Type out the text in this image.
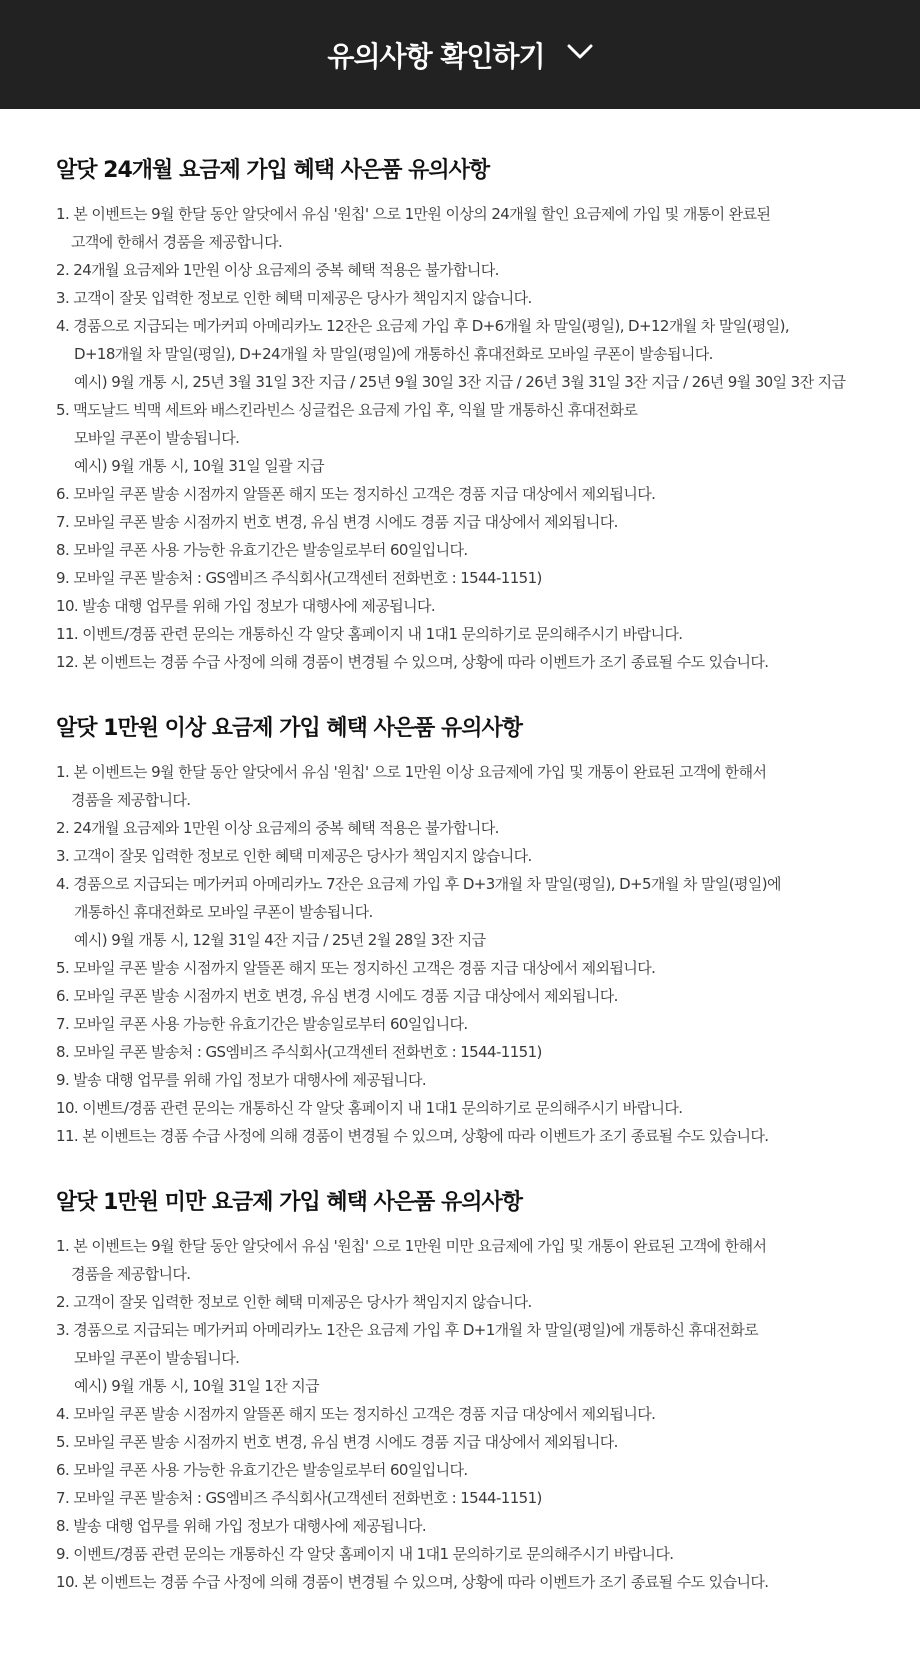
유의사항 확인하기
알닷 24개월 요금제 가입 혜택 사은품 유의사항
1. 본 이벤트는 9월 한달 동안 알닷에서 유심 '원칩' 으로 1만원 이상의 24개월 할인 요금제에 가입 및 개통이 완료된
고객에 한해서 경품을 제공합니다.
2. 24개월 요금제와 1만원 이상 요금제의 중복 혜택 적용은 불가합니다.
3. 고객이 잘못 입력한 정보로 인한 혜택 미제공은 당사가 책임지지 않습니다.
4. 경품으로 지급되는 메가커피 아메리카노 12잔은 요금제 가입 후 D+6개월 차 말일(평일), D+12개월 차 말일(평일),
D+18개월 차 말일(평일), D+24개월 차 말일(평일)에 개통하신 휴대전화로 모바일 쿠폰이 발송됩니다.
예시) 9월 개통 시, 25년 3월 31일 3잔 지급 / 25년 9월 30일 3잔 지급 / 26년 3월 31일 3잔 지급 / 26년 9월 30일 3잔 지급
5. 맥도날드 빅맥 세트와 배스킨라빈스 싱글컵은 요금제 가입 후, 익월 말 개통하신 휴대전화로
모바일 쿠폰이 발송됩니다.
예시) 9월 개통 시, 10월 31일 일괄 지급
6. 모바일 쿠폰 발송 시점까지 알뜰폰 해지 또는 정지하신 고객은 경품 지급 대상에서 제외됩니다.
7. 모바일 쿠폰 발송 시점까지 번호 변경, 유심 변경 시에도 경품 지급 대상에서 제외됩니다.
8. 모바일 쿠폰 사용 가능한 유효기간은 발송일로부터 60일입니다.
9. 모바일 쿠폰 발송처 : GS엠비즈 주식회사(고객센터 전화번호 : 1544-1151)
10. 발송 대행 업무를 위해 가입 정보가 대행사에 제공됩니다.
11. 이벤트/경품 관련 문의는 개통하신 각 알닷 홈페이지 내 1대1 문의하기로 문의해주시기 바랍니다.
12. 본 이벤트는 경품 수급 사정에 의해 경품이 변경될 수 있으며, 상황에 따라 이벤트가 조기 종료될 수도 있습니다.
알닷 1만원 이상 요금제 가입 혜택 사은품 유의사항
1. 본 이벤트는 9월 한달 동안 알닷에서 유심 '원칩' 으로 1만원 이상 요금제에 가입 및 개통이 완료된 고객에 한해서
경품을 제공합니다.
2. 24개월 요금제와 1만원 이상 요금제의 중복 혜택 적용은 불가합니다.
3. 고객이 잘못 입력한 정보로 인한 혜택 미제공은 당사가 책임지지 않습니다.
4. 경품으로 지급되는 메가커피 아메리카노 7잔은 요금제 가입 후 D+3개월 차 말일(평일), D+5개월 차 말일(평일)에
개통하신 휴대전화로 모바일 쿠폰이 발송됩니다.
예시) 9월 개통 시, 12월 31일 4잔 지급 / 25년 2월 28일 3잔 지급
5. 모바일 쿠폰 발송 시점까지 알뜰폰 해지 또는 정지하신 고객은 경품 지급 대상에서 제외됩니다.
6. 모바일 쿠폰 발송 시점까지 번호 변경, 유심 변경 시에도 경품 지급 대상에서 제외됩니다.
7. 모바일 쿠폰 사용 가능한 유효기간은 발송일로부터 60일입니다.
8. 모바일 쿠폰 발송처 : GS엠비즈 주식회사(고객센터 전화번호 : 1544-1151)
9. 발송 대행 업무를 위해 가입 정보가 대행사에 제공됩니다.
10. 이벤트/경품 관련 문의는 개통하신 각 알닷 홈페이지 내 1대1 문의하기로 문의해주시기 바랍니다.
11. 본 이벤트는 경품 수급 사정에 의해 경품이 변경될 수 있으며, 상황에 따라 이벤트가 조기 종료될 수도 있습니다.
알닷 1만원 미만 요금제 가입 혜택 사은품 유의사항
1. 본 이벤트는 9월 한달 동안 알닷에서 유심 '원칩' 으로 1만원 미만 요금제에 가입 및 개통이 완료된 고객에 한해서
경품을 제공합니다.
2. 고객이 잘못 입력한 정보로 인한 혜택 미제공은 당사가 책임지지 않습니다.
3. 경품으로 지급되는 메가커피 아메리카노 1잔은 요금제 가입 후 D+1개월 차 말일(평일)에 개통하신 휴대전화로
모바일 쿠폰이 발송됩니다.
예시) 9월 개통 시, 10월 31일 1잔 지급
4. 모바일 쿠폰 발송 시점까지 알뜰폰 해지 또는 정지하신 고객은 경품 지급 대상에서 제외됩니다.
5. 모바일 쿠폰 발송 시점까지 번호 변경, 유심 변경 시에도 경품 지급 대상에서 제외됩니다.
6. 모바일 쿠폰 사용 가능한 유효기간은 발송일로부터 60일입니다.
7. 모바일 쿠폰 발송처 : GS엠비즈 주식회사(고객센터 전화번호 : 1544-1151)
8. 발송 대행 업무를 위해 가입 정보가 대행사에 제공됩니다.
9. 이벤트/경품 관련 문의는 개통하신 각 알닷 홈페이지 내 1대1 문의하기로 문의해주시기 바랍니다.
10. 본 이벤트는 경품 수급 사정에 의해 경품이 변경될 수 있으며, 상황에 따라 이벤트가 조기 종료될 수도 있습니다.
